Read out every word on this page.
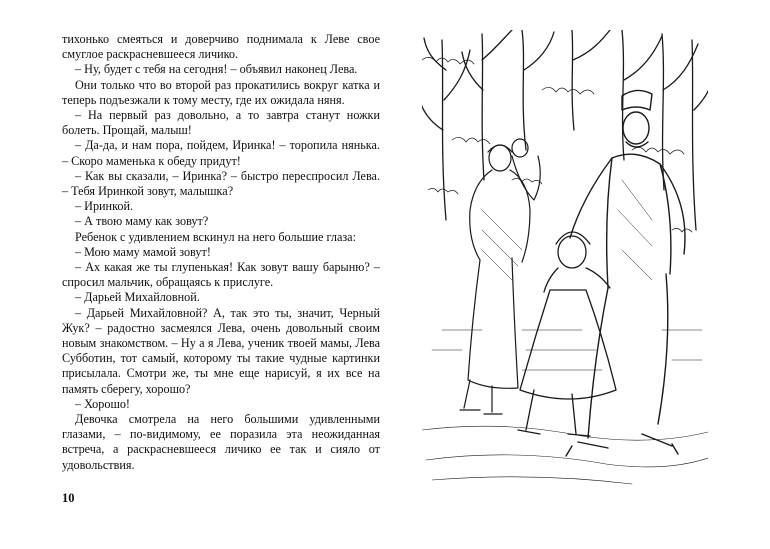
тихонько смеяться и доверчиво поднимала к Леве свое смуглое раскрасневшееся личико.

– Ну, будет с тебя на сегодня! – объявил наконец Лева.

Они только что во второй раз прокатились вокруг катка и теперь подъезжали к тому месту, где их ожидала няня.

– На первый раз довольно, а то завтра станут ножки болеть. Прощай, малыш!

– Да-да, и нам пора, пойдем, Иринка! – торопила нянька. – Скоро маменька к обеду придут!

– Как вы сказали, – Иринка? – быстро переспросил Лева. – Тебя Иринкой зовут, малышка?

– Иринкой.

– А твою маму как зовут?

Ребенок с удивлением вскинул на него большие глаза:

– Мою маму мамой зовут!

– Ах какая же ты глупенькая! Как зовут вашу барыню? – спросил мальчик, обращаясь к прислуге.

– Дарьей Михайловной.

– Дарьей Михайловной? А, так это ты, значит, Черный Жук? – радостно засмеялся Лева, очень довольный своим новым знакомством. – Ну а я Лева, ученик твоей мамы, Лева Субботин, тот самый, которому ты такие чудные картинки присылала. Смотри же, ты мне еще нарисуй, я их все на память сберегу, хорошо?

– Хорошо!

Девочка смотрела на него большими удивленными глазами, – по-видимому, ее поразила эта неожиданная встреча, а раскрасневшееся личико ее так и сияло от удовольствия.

10
